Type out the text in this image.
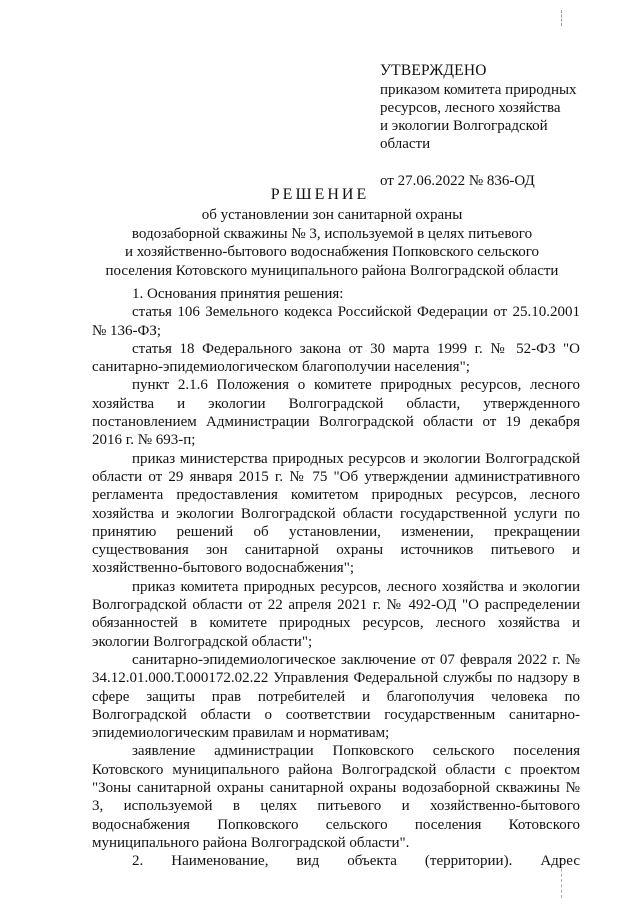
УТВЕРЖДЕНО
приказом комитета природных
ресурсов, лесного хозяйства
и экологии Волгоградской
области
от 27.06.2022 № 836-ОД
РЕШЕНИЕ
об установлении зон санитарной охраны
водозаборной скважины № 3, используемой в целях питьевого
и хозяйственно-бытового водоснабжения Попковского сельского
поселения Котовского муниципального района Волгоградской области

1. Основания принятия решения:

статья 106 Земельного кодекса Российской Федерации от 25.10.2001 № 136-ФЗ;

статья 18 Федерального закона от 30 марта 1999 г. № 52-ФЗ "О санитарно-эпидемиологическом благополучии населения";

пункт 2.1.6 Положения о комитете природных ресурсов, лесного хозяйства и экологии Волгоградской области, утвержденного постановлением Администрации Волгоградской области от 19 декабря 2016 г. № 693-п;

приказ министерства природных ресурсов и экологии Волгоградской области от 29 января 2015 г. № 75 "Об утверждении административного регламента предоставления комитетом природных ресурсов, лесного хозяйства и экологии Волгоградской области государственной услуги по принятию решений об установлении, изменении, прекращении существования зон санитарной охраны источников питьевого и хозяйственно-бытового водоснабжения";

приказ комитета природных ресурсов, лесного хозяйства и экологии Волгоградской области от 22 апреля 2021 г. № 492-ОД "О распределении обязанностей в комитете природных ресурсов, лесного хозяйства и экологии Волгоградской области";

санитарно-эпидемиологическое заключение от 07 февраля 2022 г. № 34.12.01.000.Т.000172.02.22 Управления Федеральной службы по надзору в сфере защиты прав потребителей и благополучия человека по Волгоградской области о соответствии государственным санитарно-эпидемиологическим правилам и нормативам;

заявление администрации Попковского сельского поселения Котовского муниципального района Волгоградской области с проектом "Зоны санитарной охраны санитарной охраны водозаборной скважины № 3, используемой в целях питьевого и хозяйственно-бытового водоснабжения Попковского сельского поселения Котовского муниципального района Волгоградской области".

2. Наименование, вид объекта (территории). Адрес
